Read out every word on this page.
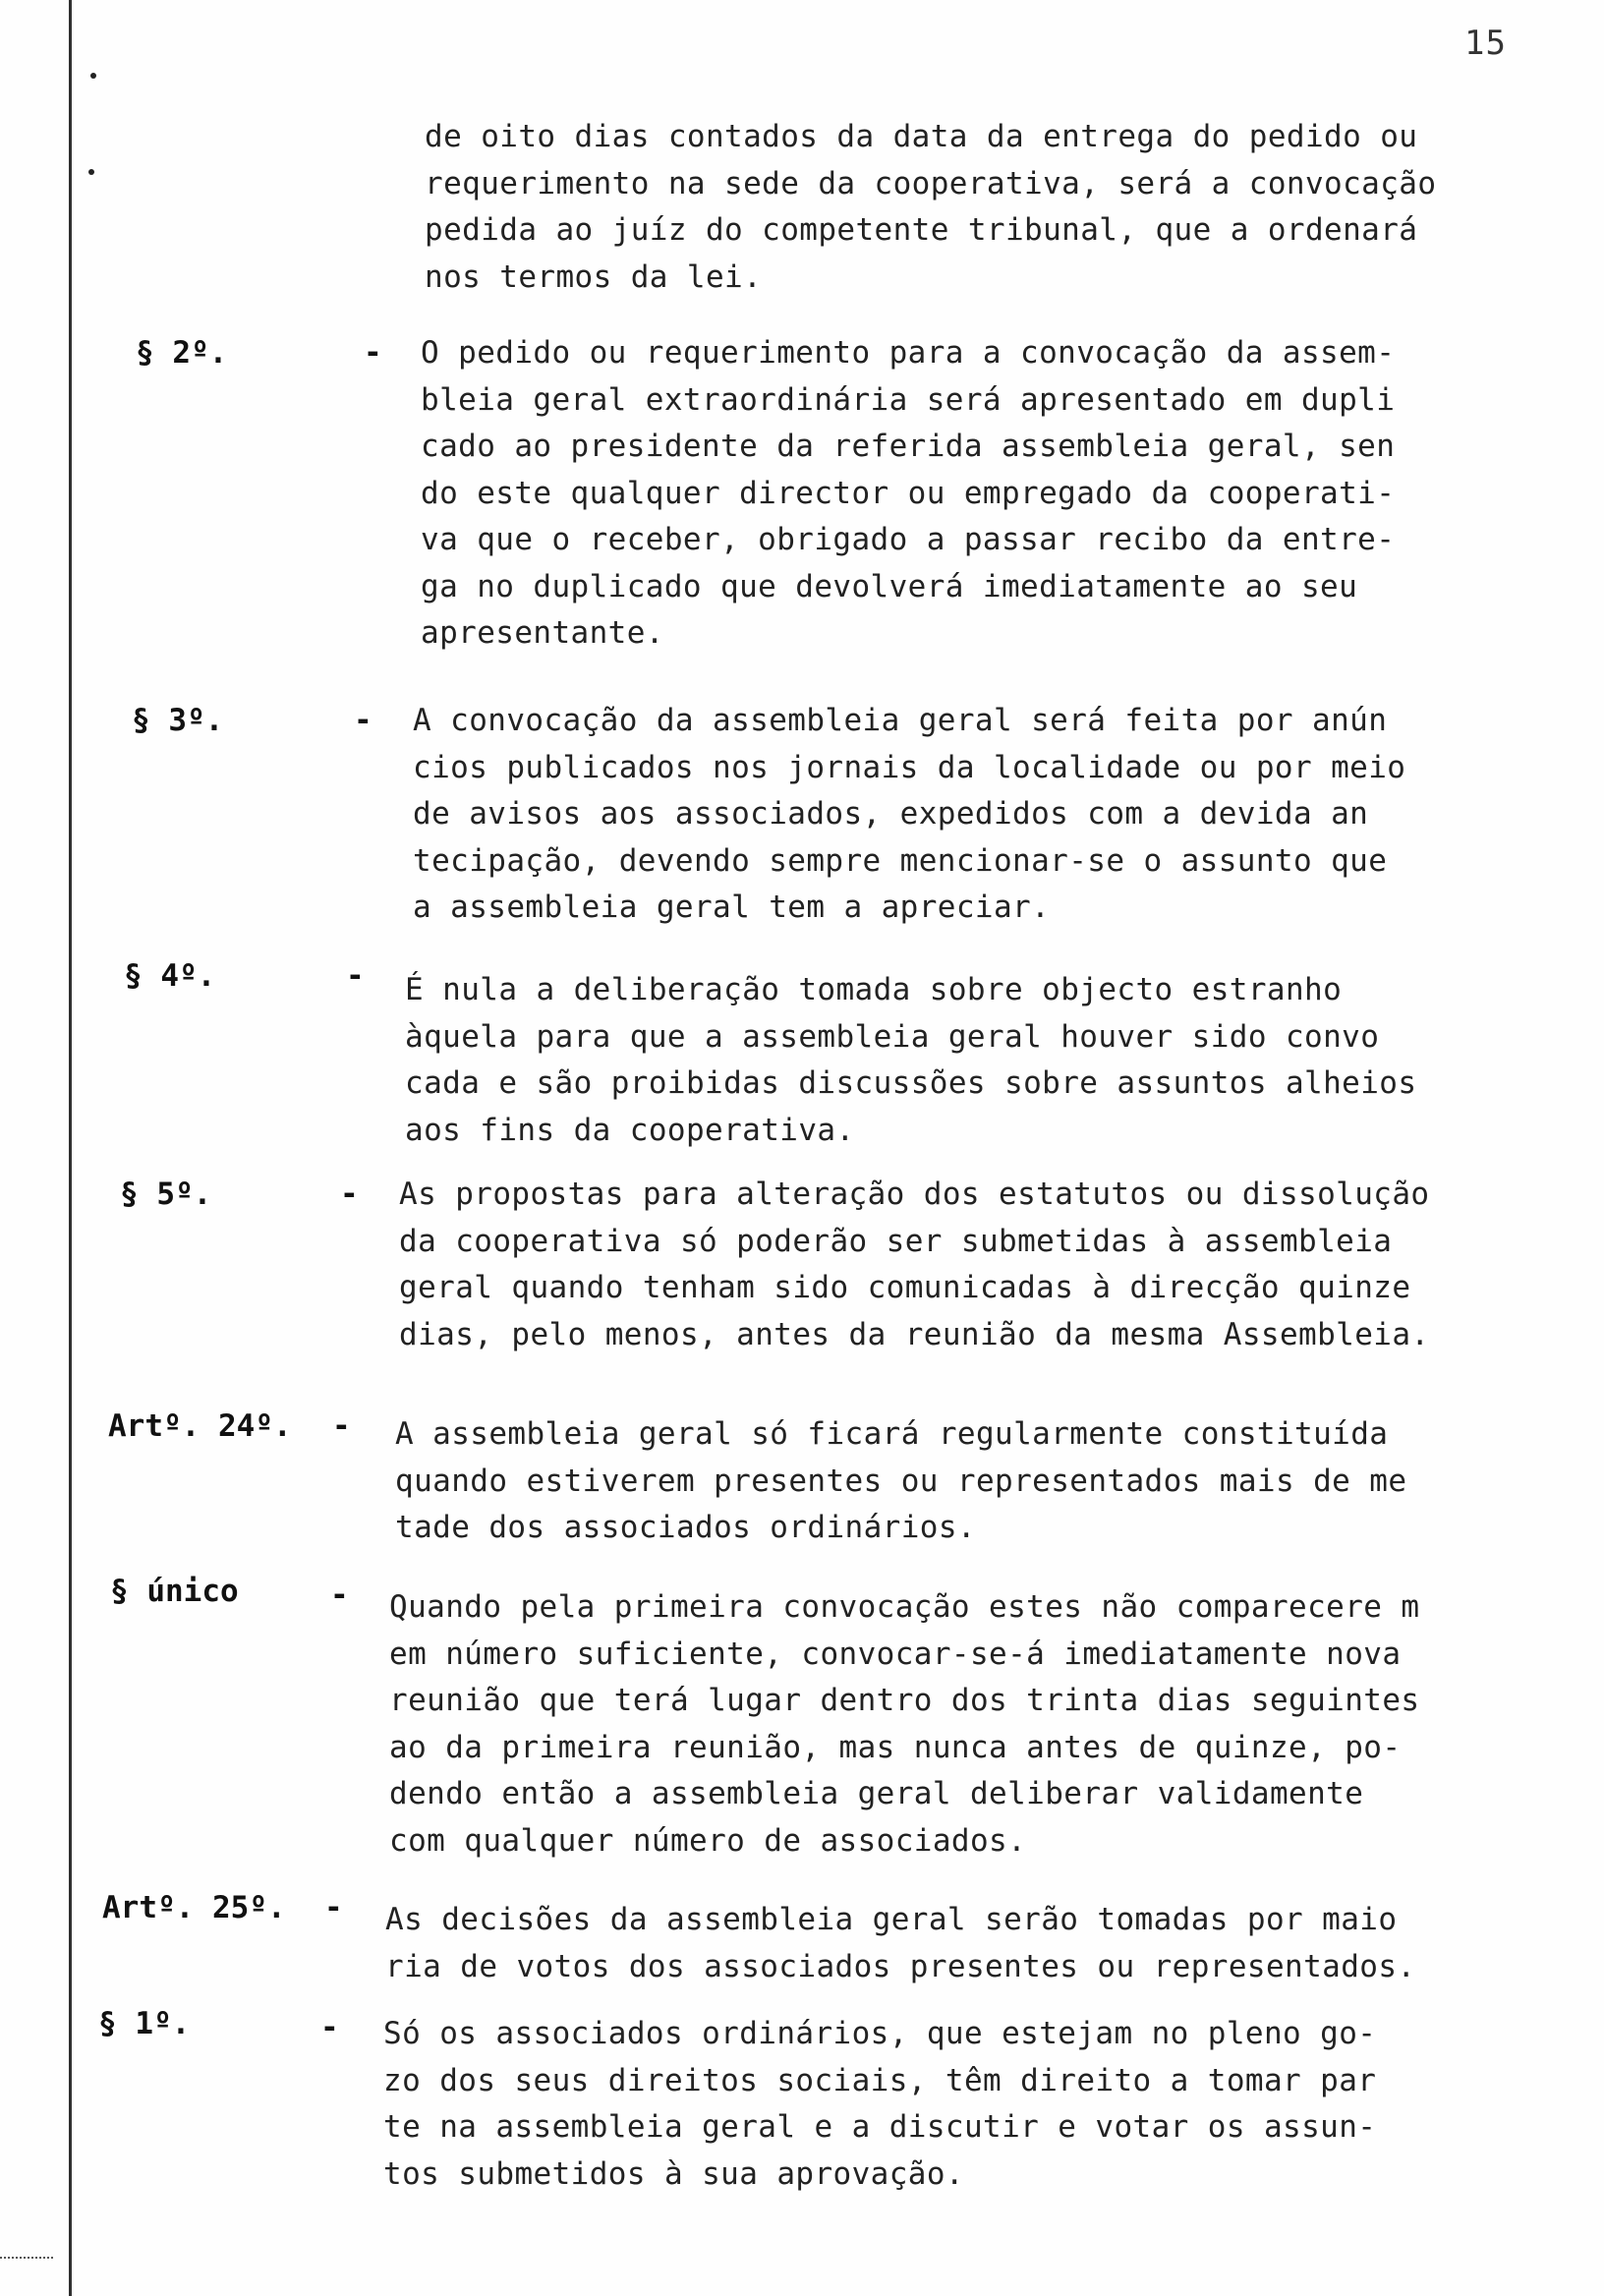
15
de oito dias contados da data da entrega do pedido ou
requerimento na sede da cooperativa, será a convocação
pedida ao juíz do competente tribunal, que a ordenará
nos termos da lei.
§ 2º.	- O pedido ou requerimento para a convocação da assem-
bleia geral extraordinária será apresentado em dupli
cado ao presidente da referida assembleia geral, sen
do este qualquer director ou empregado da cooperati-
va que o receber, obrigado a passar recibo da entre-
ga no duplicado que devolverá imediatamente ao seu
apresentante.
§ 3º.	- A convocação da assembleia geral será feita por anún
cios publicados nos jornais da localidade ou por meio
de avisos aos associados, expedidos com a devida an
tecipação, devendo sempre mencionar-se o assunto que
a assembleia geral tem a apreciar.
§ 4º.	- É nula a deliberação tomada sobre objecto estranho
àquela para que a assembleia geral houver sido convo
cada e são proibidas discussões sobre assuntos alheios
aos fins da cooperativa.
§ 5º.	- As propostas para alteração dos estatutos ou dissolução
da cooperativa só poderão ser submetidas à assembleia
geral quando tenham sido comunicadas à direcção quinze
dias, pelo menos, antes da reunião da mesma Assembleia.
Artº. 24º. - A assembleia geral só ficará regularmente constituída
quando estiverem presentes ou representados mais de me
tade dos associados ordinários.
§ único	- Quando pela primeira convocação estes não comparecere m
em número suficiente, convocar-se-á imediatamente nova
reunião que terá lugar dentro dos trinta dias seguintes
ao da primeira reunião, mas nunca antes de quinze, po-
dendo então a assembleia geral deliberar validamente
com qualquer número de associados.
Artº. 25º. - As decisões da assembleia geral serão tomadas por maio
ria de votos dos associados presentes ou representados.
§ 1º.	- Só os associados ordinários, que estejam no pleno go-
zo dos seus direitos sociais, têm direito a tomar par
te na assembleia geral e a discutir e votar os assun-
tos submetidos à sua aprovação.
